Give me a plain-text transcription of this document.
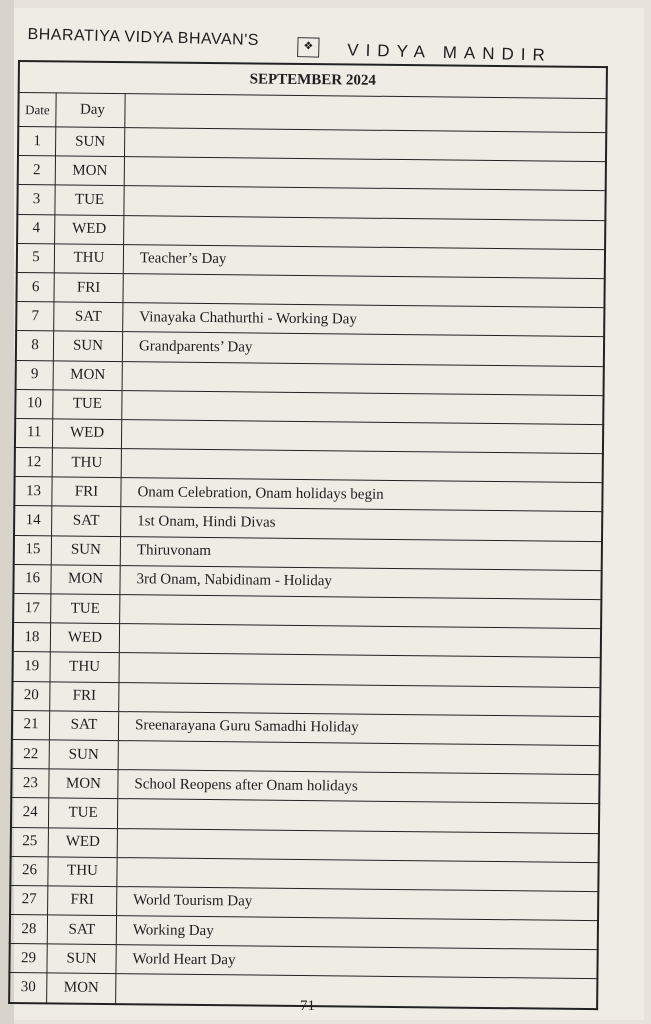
BHARATIYA VIDYA BHAVAN'S	❖	VIDYA MANDIR
SEPTEMBER 2024		
Date	Day	
1	SUN	
2	MON	
3	TUE	
4	WED	
5	THU	Teacher’s Day
6	FRI	
7	SAT	Vinayaka Chathurthi - Working Day
8	SUN	Grandparents’ Day
9	MON	
10	TUE	
11	WED	
12	THU	
13	FRI	Onam Celebration, Onam holidays begin
14	SAT	1st Onam, Hindi Divas
15	SUN	Thiruvonam
16	MON	3rd Onam, Nabidinam - Holiday
17	TUE	
18	WED	
19	THU	
20	FRI	
21	SAT	Sreenarayana Guru Samadhi Holiday
22	SUN	
23	MON	School Reopens after Onam holidays
24	TUE	
25	WED	
26	THU	
27	FRI	World Tourism Day
28	SAT	Working Day
29	SUN	World Heart Day
30	MON	
71
